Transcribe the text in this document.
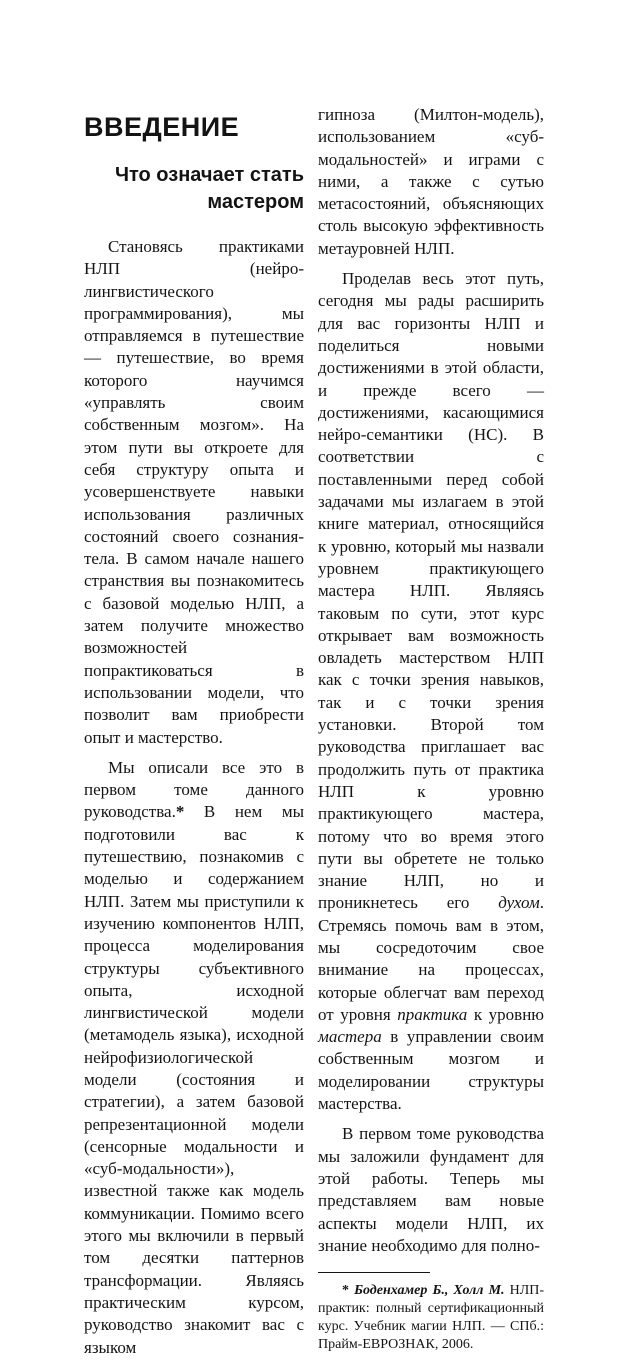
ВВЕДЕНИЕ
Что означает стать мастером

Становясь практиками НЛП (нейро-лингвистического программирования), мы отправляемся в путешествие — путешествие, во время которого научимся «управлять своим собственным мозгом». На этом пути вы откроете для себя структуру опыта и усовершенствуете навыки использования различных состояний своего сознания-тела. В самом начале нашего странствия вы познакомитесь с базовой моделью НЛП, а затем получите множество возможностей попрактиковаться в использовании модели, что позволит вам приобрести опыт и мастерство.

Мы описали все это в первом томе данного руководства.* В нем мы подготовили вас к путешествию, познакомив с моделью и содержанием НЛП. Затем мы приступили к изучению компонентов НЛП, процесса моделирования структуры субъективного опыта, исходной лингвистической модели (метамодель языка), исходной нейрофизиологической модели (состояния и стратегии), а затем базовой репрезентационной модели (сенсорные модальности и «суб-модальности»), известной также как модель коммуникации. Помимо всего этого мы включили в первый том десятки паттернов трансформации. Являясь практическим курсом, руководство знакомит вас с языком

гипноза (Милтон-модель), использованием «суб-модальностей» и играми с ними, а также с сутью метасостояний, объясняющих столь высокую эффективность метауровней НЛП.

Проделав весь этот путь, сегодня мы рады расширить для вас горизонты НЛП и поделиться новыми достижениями в этой области, и прежде всего — достижениями, касающимися нейро-семантики (НС). В соответствии с поставленными перед собой задачами мы излагаем в этой книге материал, относящийся к уровню, который мы назвали уровнем практикующего мастера НЛП. Являясь таковым по сути, этот курс открывает вам возможность овладеть мастерством НЛП как с точки зрения навыков, так и с точки зрения установки. Второй том руководства приглашает вас продолжить путь от практика НЛП к уровню практикующего мастера, потому что во время этого пути вы обретете не только знание НЛП, но и проникнетесь его духом. Стремясь помочь вам в этом, мы сосредоточим свое внимание на процессах, которые облегчат вам переход от уровня практика к уровню мастера в управлении своим собственным мозгом и моделировании структуры мастерства.

В первом томе руководства мы заложили фундамент для этой работы. Теперь мы представляем вам новые аспекты модели НЛП, их знание необходимо для полно-

* Боденхамер Б., Холл М. НЛП-практик: полный сертификационный курс. Учебник магии НЛП. — СПб.: Прайм-ЕВРОЗНАК, 2006.
